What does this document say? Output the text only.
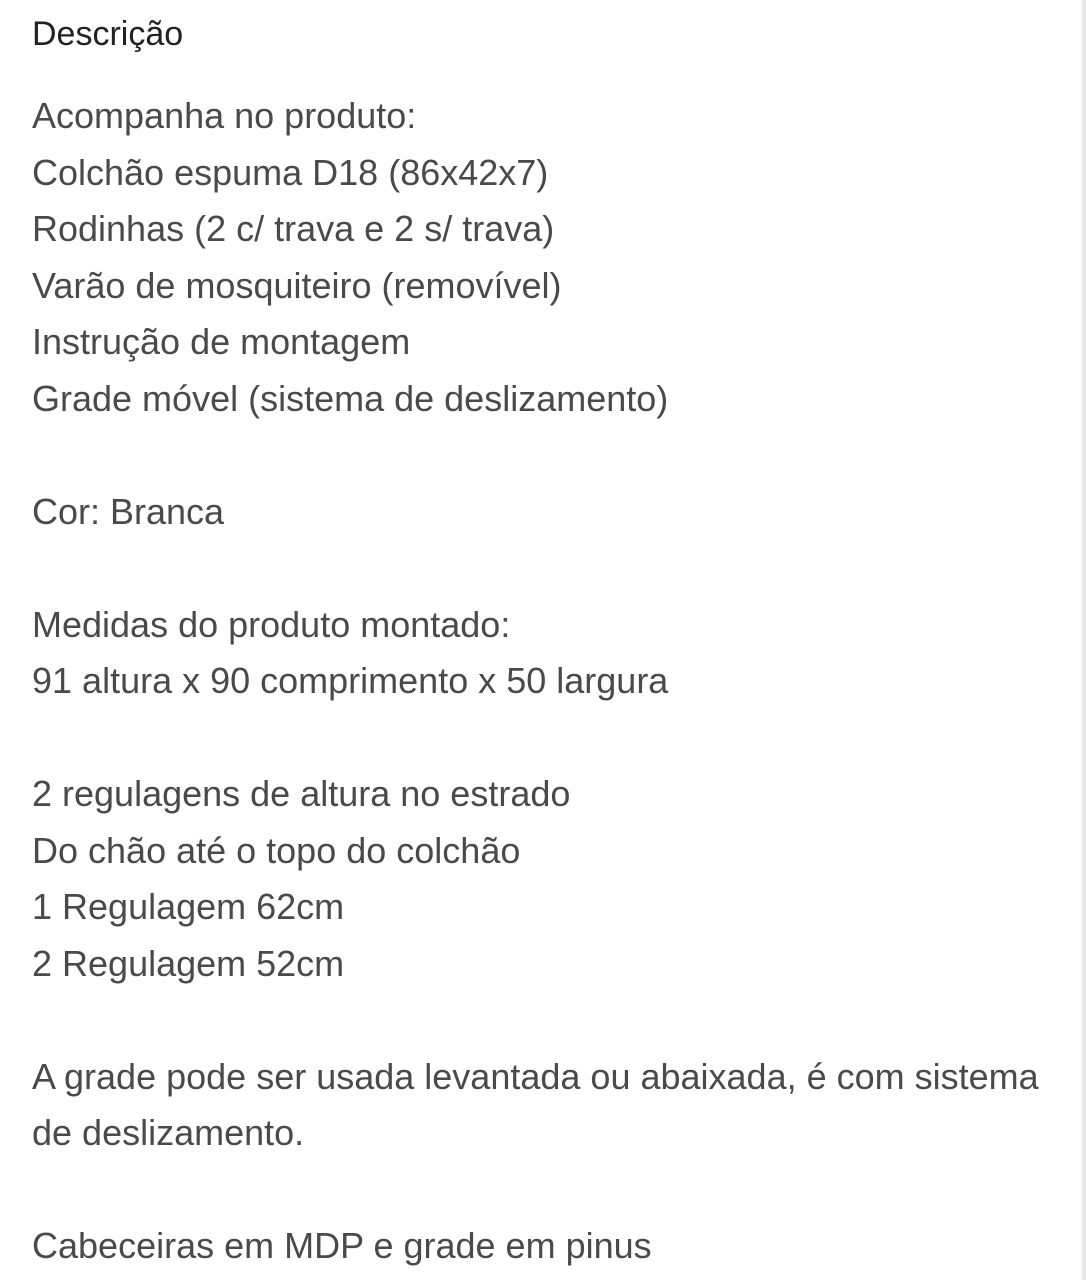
Descrição
Acompanha no produto:
Colchão espuma D18 (86x42x7)
Rodinhas (2 c/ trava e 2 s/ trava)
Varão de mosquiteiro (removível)
Instrução de montagem
Grade móvel (sistema de deslizamento)
Cor: Branca
Medidas do produto montado:
91 altura x 90 comprimento x 50 largura
2 regulagens de altura no estrado
Do chão até o topo do colchão
1 Regulagem 62cm
2 Regulagem 52cm
A grade pode ser usada levantada ou abaixada, é com sistema
de deslizamento.
Cabeceiras em MDP e grade em pinus
